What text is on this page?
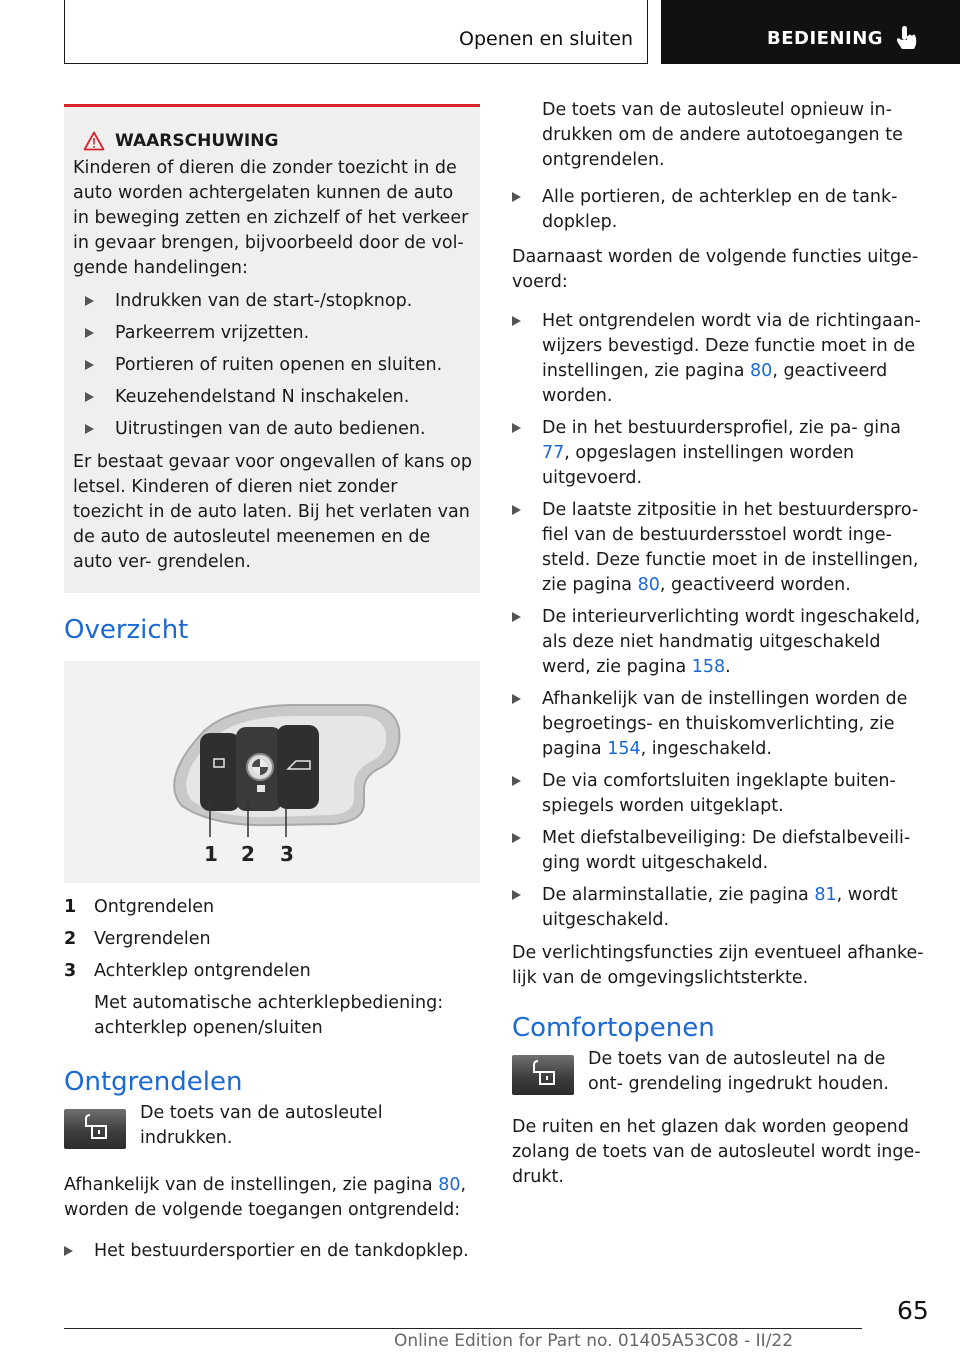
Openen en sluiten	BEDIENING
WAARSCHUWING

Kinderen of dieren die zonder toezicht in de auto worden achtergelaten kunnen de auto in beweging zetten en zichzelf of het verkeer in gevaar brengen, bijvoorbeeld door de vol- gende handelingen:

Indrukken van de start-/stopknop.
Parkeerrem vrijzetten.
Portieren of ruiten openen en sluiten.
Keuzehendelstand N inschakelen.
Uitrustingen van de auto bedienen.

Er bestaat gevaar voor ongevallen of kans op letsel. Kinderen of dieren niet zonder toezicht in de auto laten. Bij het verlaten van de auto de autosleutel meenemen en de auto ver- grendelen.

Overzicht
1 2 3
1	Ontgrendelen
2	Vergrendelen
3	Achterklep ontgrendelen
Met automatische achterklepbediening: achterklep openen/sluiten
Ontgrendelen

De toets van de autosleutel indrukken.

Afhankelijk van de instellingen, zie pagina 80, worden de volgende toegangen ontgrendeld:

Het bestuurdersportier en de tankdopklep.
De toets van de autosleutel opnieuw in- drukken om de andere autotoegangen te ontgrendelen.
Alle portieren, de achterklep en de tank- dopklep.

Daarnaast worden de volgende functies uitge- voerd:

Het ontgrendelen wordt via de richtingaan- wijzers bevestigd. Deze functie moet in de instellingen, zie pagina 80, geactiveerd worden.
De in het bestuurdersprofiel, zie pa- gina 77, opgeslagen instellingen worden uitgevoerd.
De laatste zitpositie in het bestuurderspro- fiel van de bestuurdersstoel wordt inge- steld. Deze functie moet in de instellingen, zie pagina 80, geactiveerd worden.
De interieurverlichting wordt ingeschakeld, als deze niet handmatig uitgeschakeld werd, zie pagina 158.
Afhankelijk van de instellingen worden de begroetings- en thuiskomverlichting, zie pagina 154, ingeschakeld.
De via comfortsluiten ingeklapte buiten- spiegels worden uitgeklapt.
Met diefstalbeveiliging: De diefstalbeveili- ging wordt uitgeschakeld.
De alarminstallatie, zie pagina 81, wordt uitgeschakeld.

De verlichtingsfuncties zijn eventueel afhanke- lijk van de omgevingslichtsterkte.

Comfortopenen

De toets van de autosleutel na de ont- grendeling ingedrukt houden.

De ruiten en het glazen dak worden geopend zolang de toets van de autosleutel wordt inge- drukt.

65
Online Edition for Part no. 01405A53C08 - II/22
